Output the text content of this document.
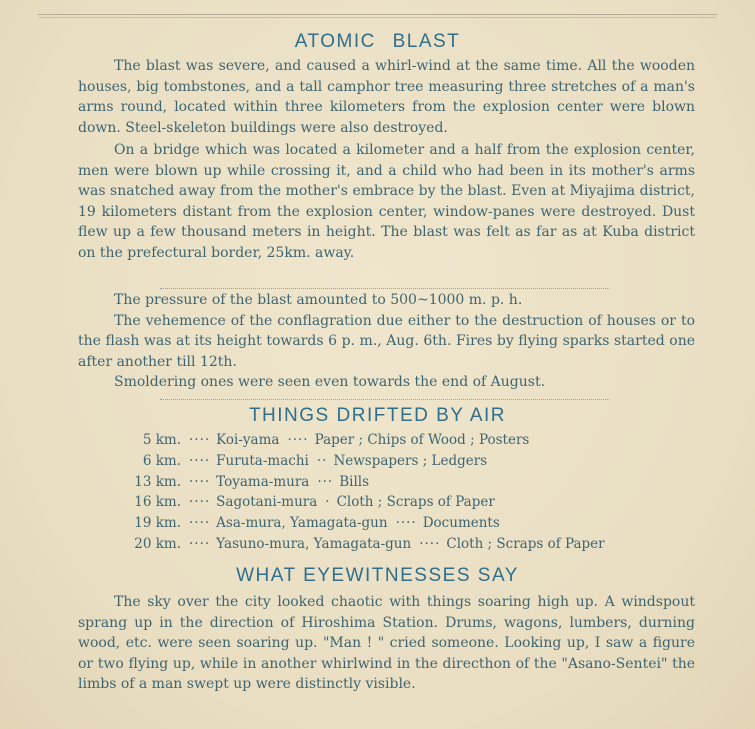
ATOMIC BLAST

The blast was severe, and caused a whirl-wind at the same time. All the wooden houses, big tombstones, and a tall camphor tree measuring three stretches of a man's arms round, located within three kilometers from the explosion center were blown down. Steel-skeleton buildings were also destroyed.

On a bridge which was located a kilometer and a half from the explosion center, men were blown up while crossing it, and a child who had been in its mother's arms was snatched away from the mother's embrace by the blast. Even at Miyajima district, 19 kilometers distant from the explosion center, window-panes were destroyed. Dust flew up a few thousand meters in height. The blast was felt as far as at Kuba district on the prefectural border, 25km. away.

The pressure of the blast amounted to 500~1000 m. p. h.

The vehemence of the conflagration due either to the destruction of houses or to the flash was at its height towards 6 p. m., Aug. 6th. Fires by flying sparks started one after another till 12th.

Smoldering ones were seen even towards the end of August.

THINGS DRIFTED BY AIR
5 km. ···· Koi-yama ···· Paper ; Chips of Wood ; Posters
6 km. ···· Furuta-machi ·· Newspapers ; Ledgers
13 km. ···· Toyama-mura ··· Bills
16 km. ···· Sagotani-mura · Cloth ; Scraps of Paper
19 km. ···· Asa-mura, Yamagata-gun ···· Documents
20 km. ···· Yasuno-mura, Yamagata-gun ···· Cloth ; Scraps of Paper
WHAT EYEWITNESSES SAY

The sky over the city looked chaotic with things soaring high up. A windspout sprang up in the direction of Hiroshima Station. Drums, wagons, lumbers, durning wood, etc. were seen soaring up. "Man ! " cried someone. Looking up, I saw a figure or two flying up, while in another whirlwind in the directhon of the "Asano-Sentei" the limbs of a man swept up were distinctly visible.
